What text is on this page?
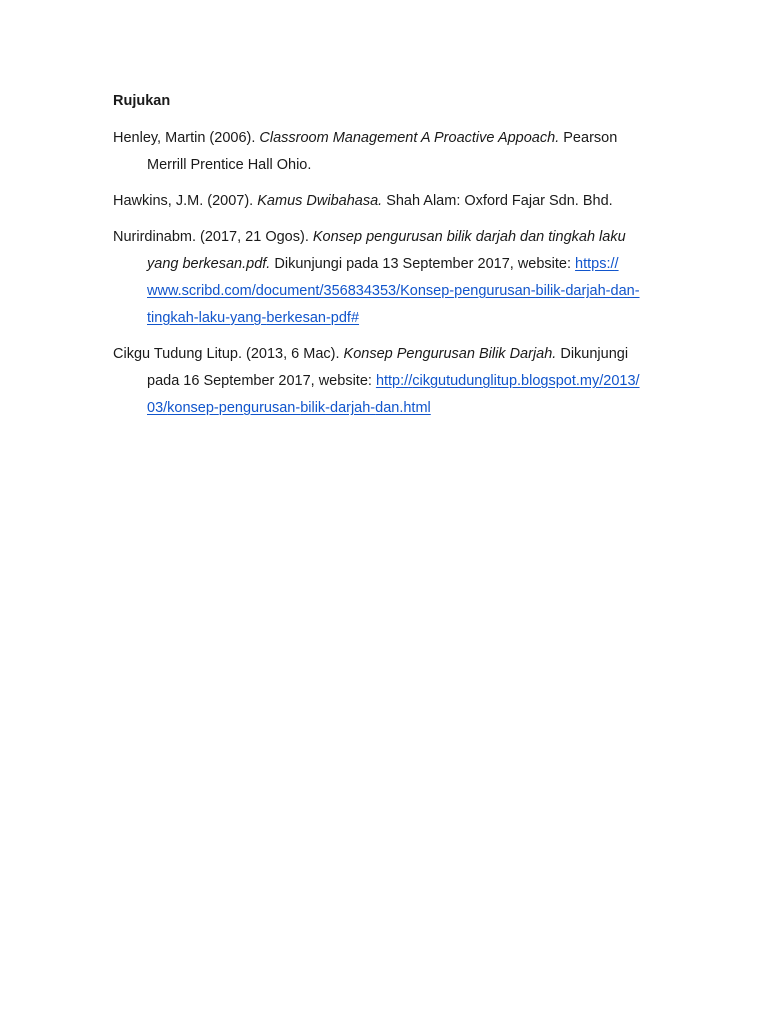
Rujukan

Henley, Martin (2006). Classroom Management A Proactive Appoach. Pearson Merrill Prentice Hall Ohio.

Hawkins, J.M. (2007). Kamus Dwibahasa. Shah Alam: Oxford Fajar Sdn. Bhd.

Nurirdinabm. (2017, 21 Ogos). Konsep pengurusan bilik darjah dan tingkah laku yang berkesan.pdf. Dikunjungi pada 13 September 2017, website: https://www.scribd.com/document/356834353/Konsep-pengurusan-bilik-darjah-dan-tingkah-laku-yang-berkesan-pdf#

Cikgu Tudung Litup. (2013, 6 Mac). Konsep Pengurusan Bilik Darjah. Dikunjungi pada 16 September 2017, website: http://cikgutudunglitup.blogspot.my/2013/03/konsep-pengurusan-bilik-darjah-dan.html
